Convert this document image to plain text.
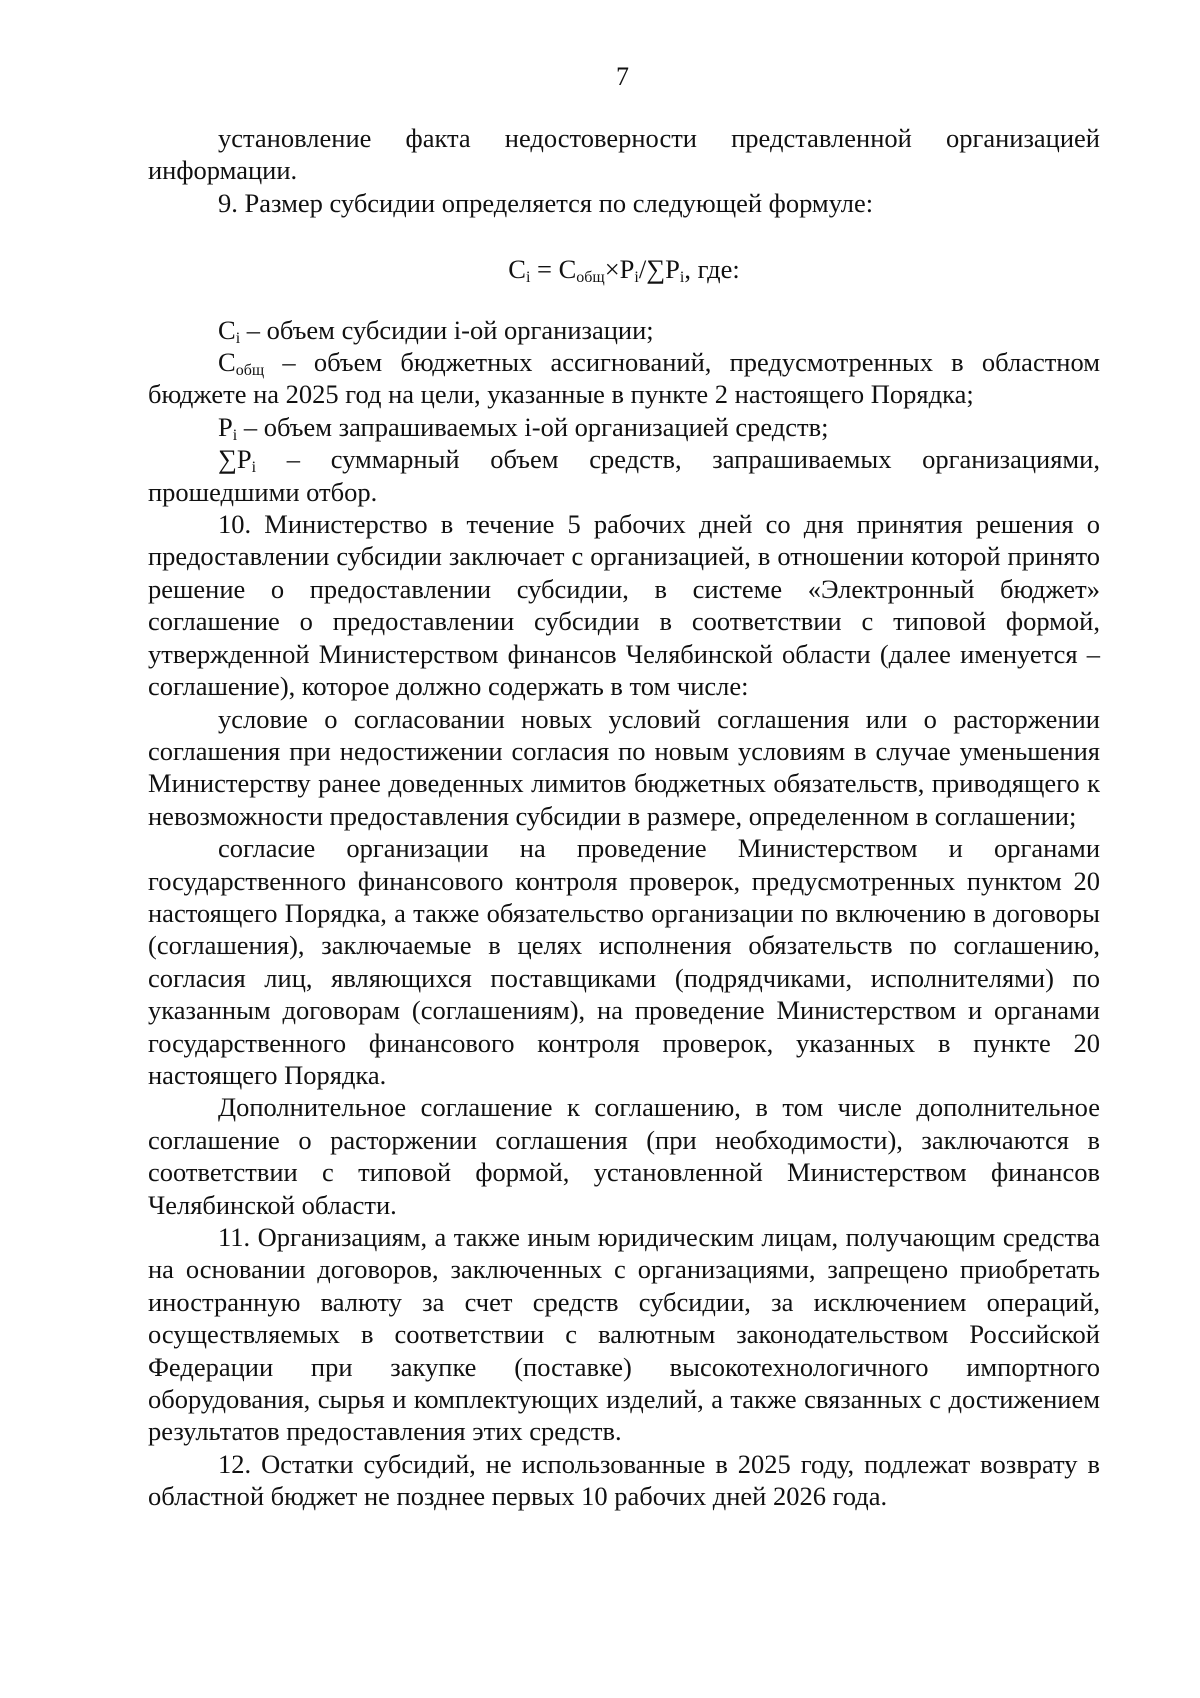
7

установление факта недостоверности представленной организацией информации.

9. Размер субсидии определяется по следующей формуле:

$C_i = C_{общ}\times P_i/\sum P_i$, где:

$C_i$ – объем субсидии i-ой организации;

$C_{общ}$ – объем бюджетных ассигнований, предусмотренных в областном бюджете на 2025 год на цели, указанные в пункте 2 настоящего Порядка;

$P_i$ – объем запрашиваемых i-ой организацией средств;

$\sum P_i$ – суммарный объем средств, запрашиваемых организациями, прошедшими отбор.

10. Министерство в течение 5 рабочих дней со дня принятия решения о предоставлении субсидии заключает с организацией, в отношении которой принято решение о предоставлении субсидии, в системе «Электронный бюджет» соглашение о предоставлении субсидии в соответствии с типовой формой, утвержденной Министерством финансов Челябинской области (далее именуется – соглашение), которое должно содержать в том числе:

условие о согласовании новых условий соглашения или о расторжении соглашения при недостижении согласия по новым условиям в случае уменьшения Министерству ранее доведенных лимитов бюджетных обязательств, приводящего к невозможности предоставления субсидии в размере, определенном в соглашении;

согласие организации на проведение Министерством и органами государственного финансового контроля проверок, предусмотренных пунктом 20 настоящего Порядка, а также обязательство организации по включению в договоры (соглашения), заключаемые в целях исполнения обязательств по соглашению, согласия лиц, являющихся поставщиками (подрядчиками, исполнителями) по указанным договорам (соглашениям), на проведение Министерством и органами государственного финансового контроля проверок, указанных в пункте 20 настоящего Порядка.

Дополнительное соглашение к соглашению, в том числе дополнительное соглашение о расторжении соглашения (при необходимости), заключаются в соответствии с типовой формой, установленной Министерством финансов Челябинской области.

11. Организациям, а также иным юридическим лицам, получающим средства на основании договоров, заключенных с организациями, запрещено приобретать иностранную валюту за счет средств субсидии, за исключением операций, осуществляемых в соответствии с валютным законодательством Российской Федерации при закупке (поставке) высокотехнологичного импортного оборудования, сырья и комплектующих изделий, а также связанных с достижением результатов предоставления этих средств.

12. Остатки субсидий, не использованные в 2025 году, подлежат возврату в областной бюджет не позднее первых 10 рабочих дней 2026 года.
